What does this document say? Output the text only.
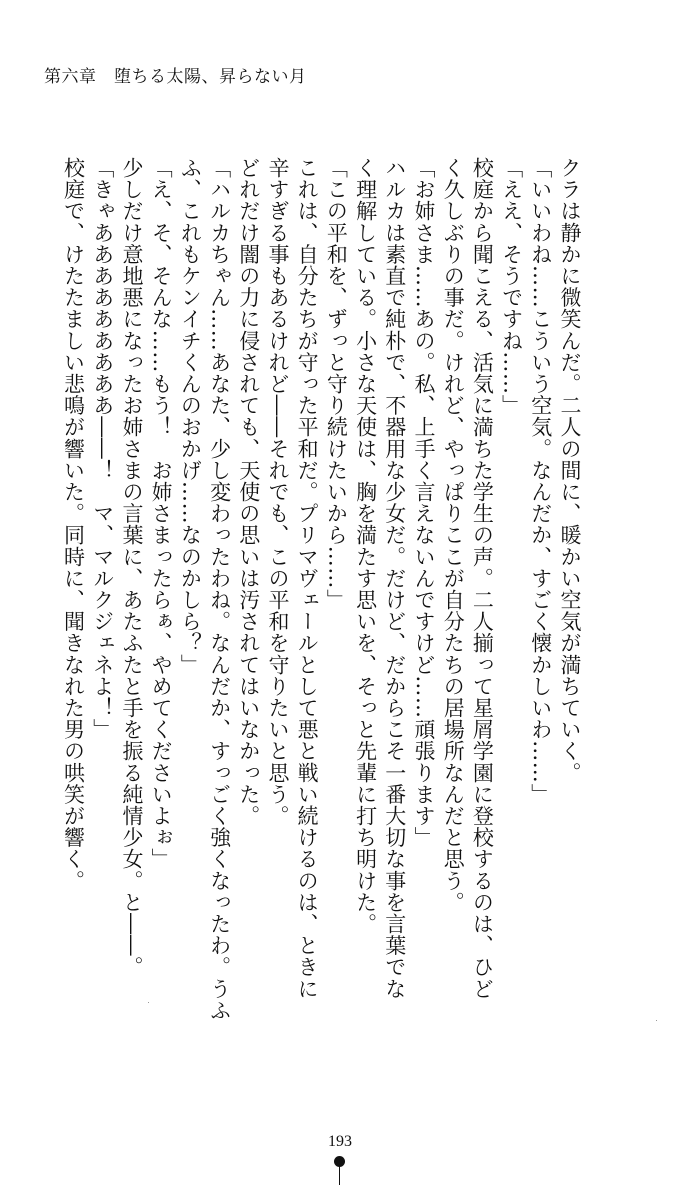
第六章　堕ちる太陽、昇らない月
クラは静かに微笑んだ。二人の間に、暖かい空気が満ちていく。
「いいわね……こういう空気。なんだか、すごく懐かしいわ……」
「ええ、そうですね……」
校庭から聞こえる、活気に満ちた学生の声。二人揃って星屑学園に登校するのは、ひど
く久しぶりの事だ。けれど、やっぱりここが自分たちの居場所なんだと思う。
「お姉さま……あの。私、上手く言えないんですけど……頑張ります」
ハルカは素直で純朴で、不器用な少女だ。だけど、だからこそ一番大切な事を言葉でな
く理解している。小さな天使は、胸を満たす思いを、そっと先輩に打ち明けた。
「この平和を、ずっと守り続けたいから……」
これは、自分たちが守った平和だ。プリマヴェールとして悪と戦い続けるのは、ときに
辛すぎる事もあるけれど――それでも、この平和を守りたいと思う。
どれだけ闇の力に侵されても、天使の思いは汚されてはいなかった。
「ハルカちゃん……あなた、少し変わったわね。なんだか、すっごく強くなったわ。うふ
ふ、これもケンイチくんのおかげ……なのかしら？」
「え、そ、そんな……もう！　お姉さまったらぁ、やめてくださいよぉ」
少しだけ意地悪になったお姉さまの言葉に、あたふたと手を振る純情少女。と――。
「きゃあああああああああ――！　マ、マルクジェネよ！」
校庭で、けたたましい悲鳴が響いた。同時に、聞きなれた男の哄笑が響く。
193
